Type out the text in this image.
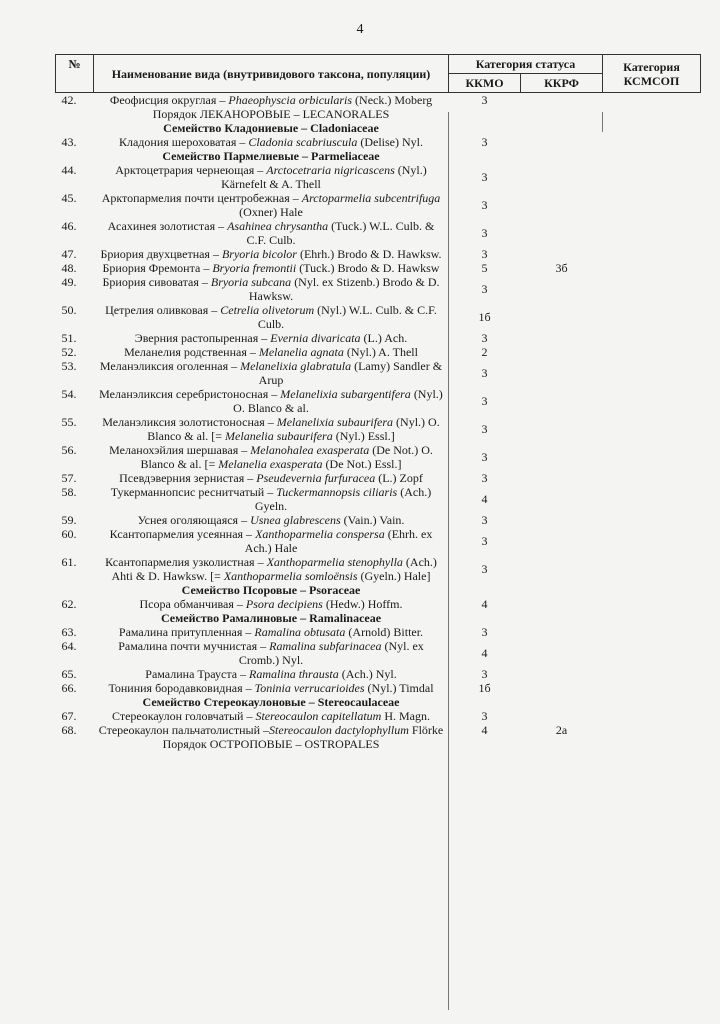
4
№	Наименование вида (внутривидового таксона, популяции)	Категория статуса		Категория КСМСОП
		ККМО	ККРФ	
42.	Феофисция округлая – Phaeophyscia orbicularis (Neck.) Moberg	3		
	Порядок ЛЕКАНОРОВЫЕ – LECANORALES			
	Семейство Кладониевые – Cladoniaceae			
43.	Кладония шероховатая – Cladonia scabriuscula (Delise) Nyl.	3		
	Семейство Пармелиевые – Parmeliaceae			
44.	Арктоцетрария чернеющая – Arctocetraria nigricascens (Nyl.) Kärnefelt & A. Thell	3		
45.	Арктопармелия почти центробежная – Arctoparmelia subcentrifuga (Oxner) Hale	3		
46.	Асахинея золотистая – Asahinea chrysantha (Tuck.) W.L. Culb. & C.F. Culb.	3		
47.	Бриория двухцветная – Bryoria bicolor (Ehrh.) Brodo & D. Hawksw.	3		
48.	Бриория Фремонта – Bryoria fremontii (Tuck.) Brodo & D. Hawksw	5	3б	
49.	Бриория сивоватая – Bryoria subcana (Nyl. ex Stizenb.) Brodo & D. Hawksw.	3		
50.	Цетрелия оливковая – Cetrelia olivetorum (Nyl.) W.L. Culb. & C.F. Culb.	1б		
51.	Эверния растопыренная – Evernia divaricata (L.) Ach.	3		
52.	Меланелия родственная – Melanelia agnata (Nyl.) A. Thell	2		
53.	Меланэликсия оголенная – Melanelixia glabratula (Lamy) Sandler & Arup	3		
54.	Меланэликсия серебристоносная – Melanelixia subargentifera (Nyl.) O. Blanco & al.	3		
55.	Меланэликсия золотистоносная – Melanelixia subaurifera (Nyl.) O. Blanco & al. [= Melanelia subaurifera (Nyl.) Essl.]	3		
56.	Меланохэйлия шершавая – Melanohalea exasperata (De Not.) O. Blanco & al. [= Melanelia exasperata (De Not.) Essl.]	3		
57.	Псевдэверния зернистая – Pseudevernia furfuracea (L.) Zopf	3		
58.	Тукерманнопсис реснитчатый – Tuckermannopsis ciliaris (Ach.) Gyeln.	4		
59.	Уснея оголяющаяся – Usnea glabrescens (Vain.) Vain.	3		
60.	Ксантопармелия усеянная – Xanthoparmelia conspersa (Ehrh. ex Ach.) Hale	3		
61.	Ксантопармелия узколистная – Xanthoparmelia stenophylla (Ach.) Ahti & D. Hawksw. [= Xanthoparmelia somloënsis (Gyeln.) Hale]	3		
	Семейство Псоровые – Psoraceae			
62.	Псора обманчивая – Psora decipiens (Hedw.) Hoffm.	4		
	Семейство Рамалиновые – Ramalinaceae			
63.	Рамалина притупленная – Ramalina obtusata (Arnold) Bitter.	3		
64.	Рамалина почти мучнистая – Ramalina subfarinacea (Nyl. ex Cromb.) Nyl.	4		
65.	Рамалина Трауста – Ramalina thrausta (Ach.) Nyl.	3		
66.	Тониния бородавковидная – Toninia verrucarioides (Nyl.) Timdal	1б		
	Семейство Стереокаулоновые – Stereocaulaceae			
67.	Стереокаулон головчатый – Stereocaulon capitellatum H. Magn.	3		
68.	Стереокаулон пальчатолистный –Stereocaulon dactylophyllum Flörke	4	2а	
	Порядок ОСТРОПОВЫЕ – OSTROPALES			
